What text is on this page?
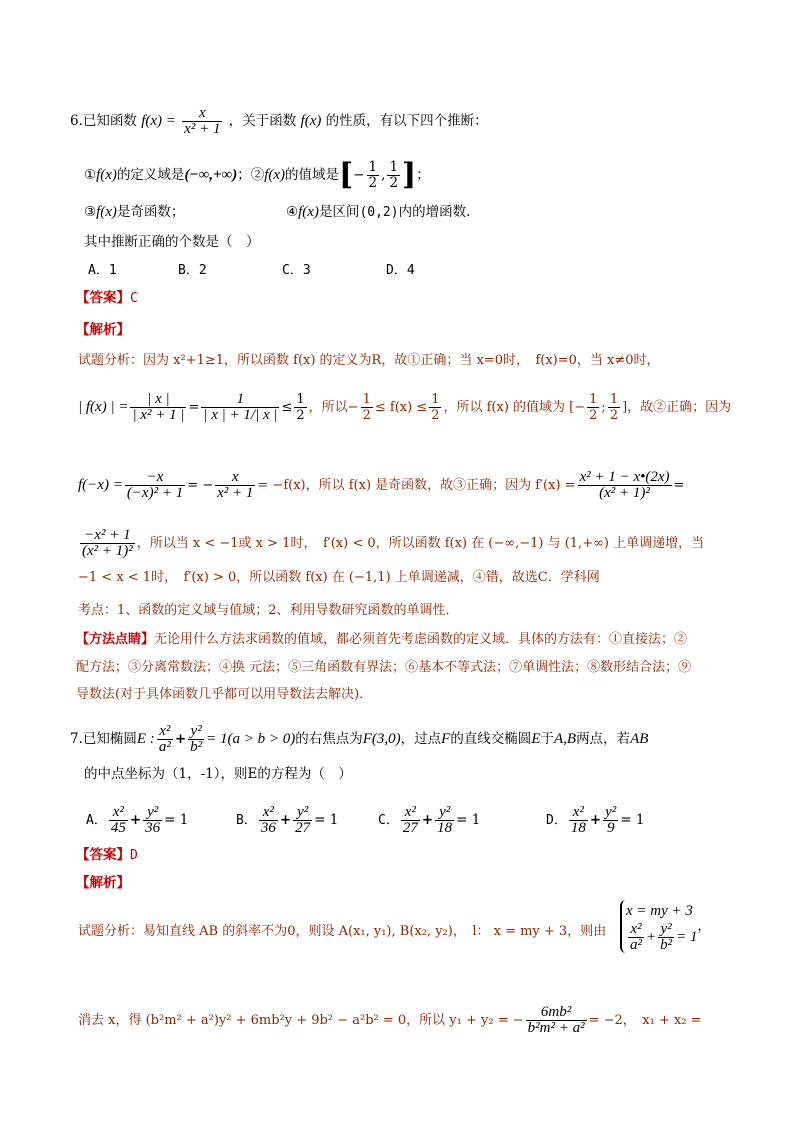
6.已知函数 $f(x) = \frac{x}{\text{x² + 1}}$ ，关于函数 f(x) 的性质，有以下四个推断：
①f(x)的定义域是(−∞,+∞)；②f(x)的值域是[− $\frac{1}{2}$ , $\frac{1}{2}$ ]；
③f(x)是奇函数；	④f(x)是区间(0,2)内的增函数.
其中推断正确的个数是（　）
A．1	B．2	C．3	D．4
【答案】C
【解析】
试题分析：因为 x²+1≥1，所以函数 f(x) 的定义为R，故①正确；当 x=0时，　f(x)=0，当 x≠0时，
| f(x) | = $\frac{| x |}{\text{| x² + 1 |}} = \frac{1}{| x | + 1/| x |} \le \frac{1}{2}$ ，所以− $\frac{1}{2} \le f(x) \le \frac{1}{2}$ ，所以 f(x) 的值域为 [− $\frac{1}{2}$ ; $\frac{1}{2}$ ]，故②正确；因为
$f(-x) = \frac{-x}{\text{(−x)² + 1}}$ = − $\frac{x}{\text{x² + 1}} = -f(x)$，所以 f(x) 是奇函数，故③正确；因为 $f'(x) = \frac{\text{x² + 1 − x•(2x)}}{\text{(x² + 1)²}}$ =
$\frac{\text{−x² + 1}}{\text{(x² + 1)²}}$ ，所以当 x < −1或 x > 1时，　f′(x) < 0，所以函数 f(x) 在 (−∞,−1) 与 (1,+∞) 上单调递增，当
−1 < x < 1时，　f′(x) > 0，所以函数 f(x) 在 (−1,1) 上单调递减，④错，故选C．学科网
考点：1、函数的定义域与值域；2、利用导数研究函数的单调性．
【方法点睛】无论用什么方法求函数的值域，都必须首先考虑函数的定义域．具体的方法有：①直接法；②
配方法；③分离常数法；④换 元法；⑤三角函数有界法；⑥基本不等式法；⑦单调性法；⑧数形结合法；⑨
导数法(对于具体函数几乎都可以用导数法去解决)．
7.已知椭圆E : $\frac{\text{x²}}{\text{a²}} + \frac{\text{y²}}{\text{b²}} = 1(a > b > 0)$的右焦点为F(3,0)，过点F的直线交椭圆E于A,B两点，若AB
的中点坐标为（1，-1），则E的方程为（　）
A． $\frac{\text{x²}}{45} + \frac{\text{y²}}{36} = 1$	B． $\frac{\text{x²}}{36} + \frac{\text{y²}}{27} = 1$	C． $\frac{\text{x²}}{27} + \frac{\text{y²}}{18} = 1$	D． $\frac{\text{x²}}{18} + \frac{\text{y²}}{9} = 1$
【答案】D
【解析】
试题分析：易知直线 AB 的斜率不为0，则设 A(x₁, y₁), B(x₂, y₂)，　l： x = my + 3，则由
x = my + 3
$\frac{\text{x²}}{\text{a²}} + \frac{\text{y²}}{\text{b²}} = 1$
，
消去 x，得 (b²m² + a²)y² + 6mb²y + 9b² − a²b² = 0，所以 y₁ + y₂ = − $\frac{\text{6mb²}}{\text{b²m² + a²}} = -2$，　x₁ + x₂ =
